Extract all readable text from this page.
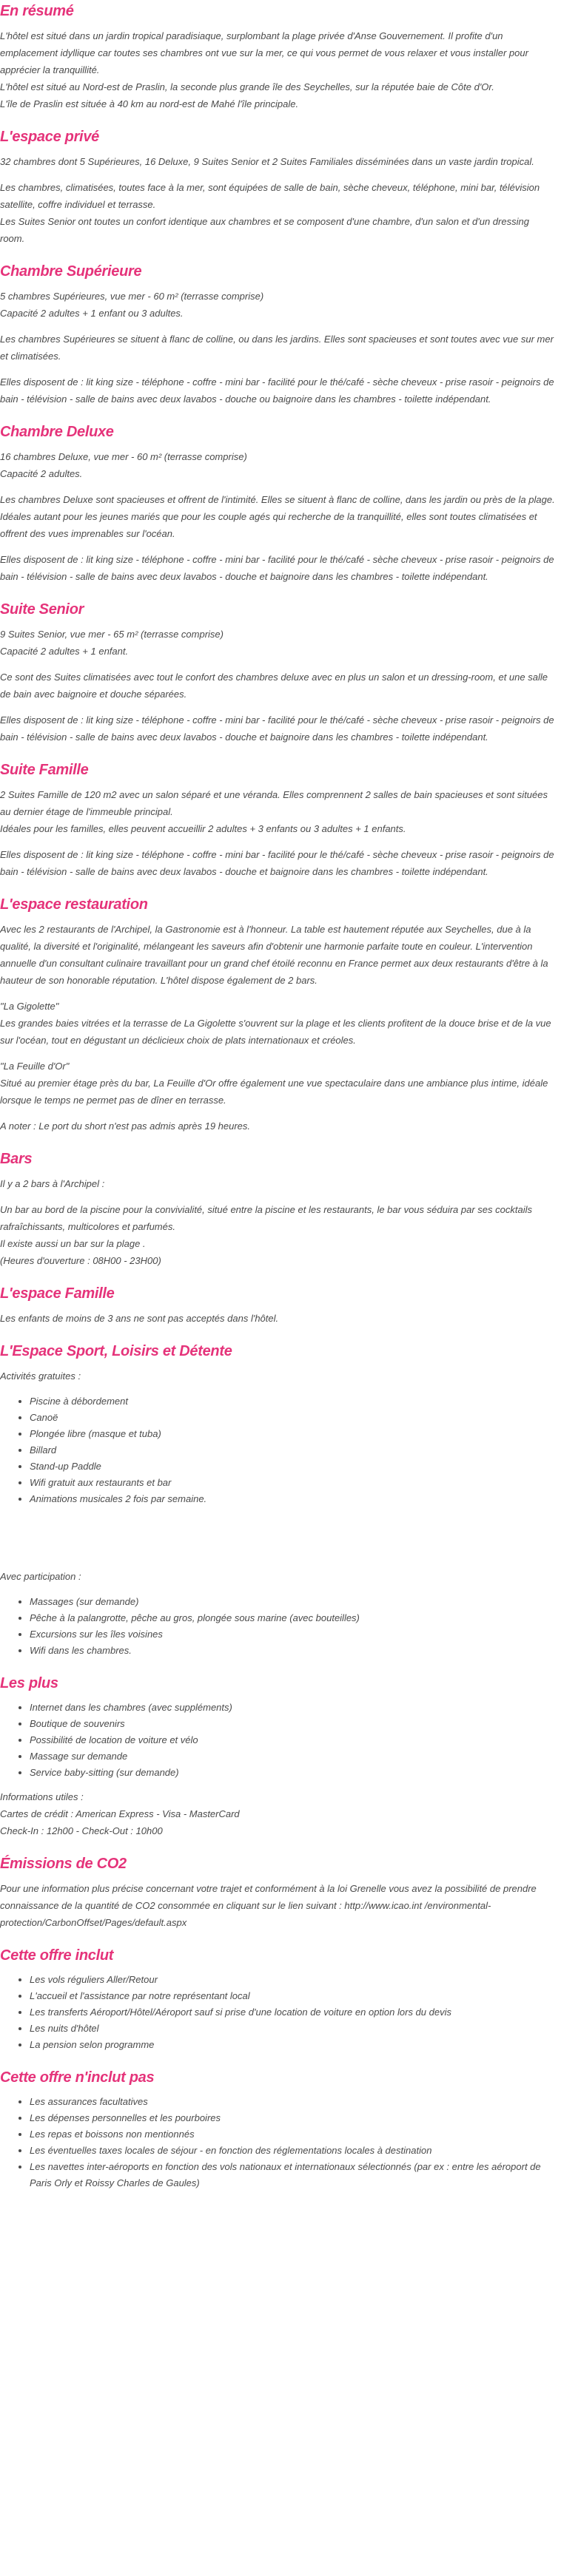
En résumé

L'hôtel est situé dans un jardin tropical paradisiaque, surplombant la plage privée d'Anse Gouvernement. Il profite d'un emplacement idyllique car toutes ses chambres ont vue sur la mer, ce qui vous permet de vous relaxer et vous installer pour apprécier la tranquillité.
L'hôtel est situé au Nord-est de Praslin, la seconde plus grande île des Seychelles, sur la réputée baie de Côte d'Or.
L'île de Praslin est située à 40 km au nord-est de Mahé l'île principale.

L'espace privé

32 chambres dont 5 Supérieures, 16 Deluxe, 9 Suites Senior et 2 Suites Familiales disséminées dans un vaste jardin tropical.

Les chambres, climatisées, toutes face à la mer, sont équipées de salle de bain, sèche cheveux, téléphone, mini bar, télévision satellite, coffre individuel et terrasse.
Les Suites Senior ont toutes un confort identique aux chambres et se composent d'une chambre, d'un salon et d'un dressing room.

Chambre Supérieure

5 chambres Supérieures, vue mer - 60 m² (terrasse comprise)
Capacité 2 adultes + 1 enfant ou 3 adultes.

Les chambres Supérieures se situent à flanc de colline, ou dans les jardins. Elles sont spacieuses et sont toutes avec vue sur mer et climatisées.

Elles disposent de : lit king size - téléphone - coffre - mini bar - facilité pour le thé/café - sèche cheveux - prise rasoir - peignoirs de bain - télévision - salle de bains avec deux lavabos - douche ou baignoire dans les chambres - toilette indépendant.

Chambre Deluxe

16 chambres Deluxe, vue mer - 60 m² (terrasse comprise)
Capacité 2 adultes.

Les chambres Deluxe sont spacieuses et offrent de l'intimité. Elles se situent à flanc de colline, dans les jardin ou près de la plage. Idéales autant pour les jeunes mariés que pour les couple agés qui recherche de la tranquillité, elles sont toutes climatisées et offrent des vues imprenables sur l'océan.

Elles disposent de : lit king size - téléphone - coffre - mini bar - facilité pour le thé/café - sèche cheveux - prise rasoir - peignoirs de bain - télévision - salle de bains avec deux lavabos - douche et baignoire dans les chambres - toilette indépendant.

Suite Senior

9 Suites Senior, vue mer - 65 m² (terrasse comprise)
Capacité 2 adultes + 1 enfant.

Ce sont des Suites climatisées avec tout le confort des chambres deluxe avec en plus un salon et un dressing-room, et une salle de bain avec baignoire et douche séparées.

Elles disposent de : lit king size - téléphone - coffre - mini bar - facilité pour le thé/café - sèche cheveux - prise rasoir - peignoirs de bain - télévision - salle de bains avec deux lavabos - douche et baignoire dans les chambres - toilette indépendant.

Suite Famille

2 Suites Famille de 120 m2 avec un salon séparé et une véranda. Elles comprennent 2 salles de bain spacieuses et sont situées au dernier étage de l'immeuble principal.
Idéales pour les familles, elles peuvent accueillir 2 adultes + 3 enfants ou 3 adultes + 1 enfants.

Elles disposent de : lit king size - téléphone - coffre - mini bar - facilité pour le thé/café - sèche cheveux - prise rasoir - peignoirs de bain - télévision - salle de bains avec deux lavabos - douche et baignoire dans les chambres - toilette indépendant.

L'espace restauration

Avec les 2 restaurants de l'Archipel, la Gastronomie est à l'honneur. La table est hautement réputée aux Seychelles, due à la qualité, la diversité et l'originalité, mélangeant les saveurs afin d'obtenir une harmonie parfaite toute en couleur. L'intervention annuelle d'un consultant culinaire travaillant pour un grand chef étoilé reconnu en France permet aux deux restaurants d'être à la hauteur de son honorable réputation. L'hôtel dispose également de 2 bars.

"La Gigolette"
Les grandes baies vitrées et la terrasse de La Gigolette s'ouvrent sur la plage et les clients profitent de la douce brise et de la vue sur l'océan, tout en dégustant un déclicieux choix de plats internationaux et créoles.

"La Feuille d'Or"
Situé au premier étage près du bar, La Feuille d'Or offre également une vue spectaculaire dans une ambiance plus intime, idéale lorsque le temps ne permet pas de dîner en terrasse.

A noter : Le port du short n'est pas admis après 19 heures.

Bars

Il y a 2 bars à l'Archipel :

Un bar au bord de la piscine pour la convivialité, situé entre la piscine et les restaurants, le bar vous séduira par ses cocktails rafraîchissants, multicolores et parfumés.
Il existe aussi un bar sur la plage .
(Heures d'ouverture : 08H00 - 23H00)

L'espace Famille

Les enfants de moins de 3 ans ne sont pas acceptés dans l'hôtel.

L'Espace Sport, Loisirs et Détente

Activités gratuites :

• Piscine à débordement
• Canoë
• Plongée libre (masque et tuba)
• Billard
• Stand-up Paddle
• Wifi gratuit aux restaurants et bar
• Animations musicales 2 fois par semaine.

Avec participation :

• Massages (sur demande)
• Pêche à la palangrotte, pêche au gros, plongée sous marine (avec bouteilles)
• Excursions sur les îles voisines
• Wifi dans les chambres.
Les plus
• Internet dans les chambres (avec suppléments)
• Boutique de souvenirs
• Possibilité de location de voiture et vélo
• Massage sur demande
• Service baby-sitting (sur demande)

Informations utiles :
Cartes de crédit : American Express - Visa - MasterCard
Check-In : 12h00 - Check-Out : 10h00

Émissions de CO2

Pour une information plus précise concernant votre trajet et conformément à la loi Grenelle vous avez la possibilité de prendre connaissance de la quantité de CO2 consommée en cliquant sur le lien suivant : http://www.icao.int /environmental-protection/CarbonOffset/Pages/default.aspx

Cette offre inclut
• Les vols réguliers Aller/Retour
• L'accueil et l'assistance par notre représentant local
• Les transferts Aéroport/Hôtel/Aéroport sauf si prise d'une location de voiture en option lors du devis
• Les nuits d'hôtel
• La pension selon programme
Cette offre n'inclut pas
• Les assurances facultatives
• Les dépenses personnelles et les pourboires
• Les repas et boissons non mentionnés
• Les éventuelles taxes locales de séjour - en fonction des réglementations locales à destination
• Les navettes inter-aéroports en fonction des vols nationaux et internationaux sélectionnés (par ex : entre les aéroport de Paris Orly et Roissy Charles de Gaules)
